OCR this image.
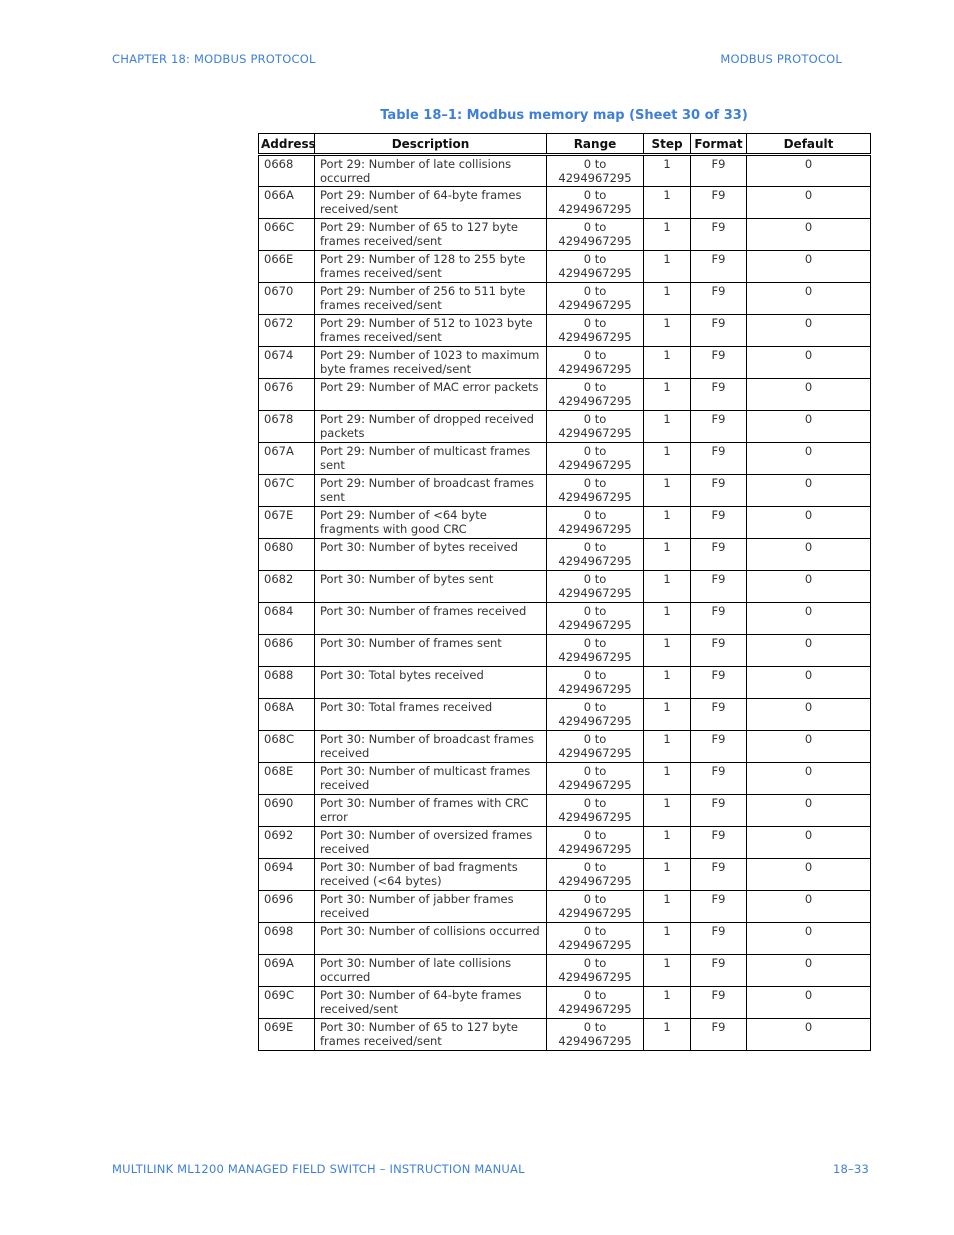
CHAPTER 18: MODBUS PROTOCOL	MODBUS PROTOCOL
Table 18–1: Modbus memory map (Sheet 30 of 33)
Address	Description	Range	Step	Format	Default
0668	Port 29: Number of late collisions occurred	0 to 4294967295	1	F9	0
066A	Port 29: Number of 64-byte frames received/sent	0 to 4294967295	1	F9	0
066C	Port 29: Number of 65 to 127 byte frames received/sent	0 to 4294967295	1	F9	0
066E	Port 29: Number of 128 to 255 byte frames received/sent	0 to 4294967295	1	F9	0
0670	Port 29: Number of 256 to 511 byte frames received/sent	0 to 4294967295	1	F9	0
0672	Port 29: Number of 512 to 1023 byte frames received/sent	0 to 4294967295	1	F9	0
0674	Port 29: Number of 1023 to maximum byte frames received/sent	0 to 4294967295	1	F9	0
0676	Port 29: Number of MAC error packets	0 to 4294967295	1	F9	0
0678	Port 29: Number of dropped received packets	0 to 4294967295	1	F9	0
067A	Port 29: Number of multicast frames sent	0 to 4294967295	1	F9	0
067C	Port 29: Number of broadcast frames sent	0 to 4294967295	1	F9	0
067E	Port 29: Number of <64 byte fragments with good CRC	0 to 4294967295	1	F9	0
0680	Port 30: Number of bytes received	0 to 4294967295	1	F9	0
0682	Port 30: Number of bytes sent	0 to 4294967295	1	F9	0
0684	Port 30: Number of frames received	0 to 4294967295	1	F9	0
0686	Port 30: Number of frames sent	0 to 4294967295	1	F9	0
0688	Port 30: Total bytes received	0 to 4294967295	1	F9	0
068A	Port 30: Total frames received	0 to 4294967295	1	F9	0
068C	Port 30: Number of broadcast frames received	0 to 4294967295	1	F9	0
068E	Port 30: Number of multicast frames received	0 to 4294967295	1	F9	0
0690	Port 30: Number of frames with CRC error	0 to 4294967295	1	F9	0
0692	Port 30: Number of oversized frames received	0 to 4294967295	1	F9	0
0694	Port 30: Number of bad fragments received (<64 bytes)	0 to 4294967295	1	F9	0
0696	Port 30: Number of jabber frames received	0 to 4294967295	1	F9	0
0698	Port 30: Number of collisions occurred	0 to 4294967295	1	F9	0
069A	Port 30: Number of late collisions occurred	0 to 4294967295	1	F9	0
069C	Port 30: Number of 64-byte frames received/sent	0 to 4294967295	1	F9	0
069E	Port 30: Number of 65 to 127 byte frames received/sent	0 to 4294967295	1	F9	0
MULTILINK ML1200 MANAGED FIELD SWITCH – INSTRUCTION MANUAL	18–33
